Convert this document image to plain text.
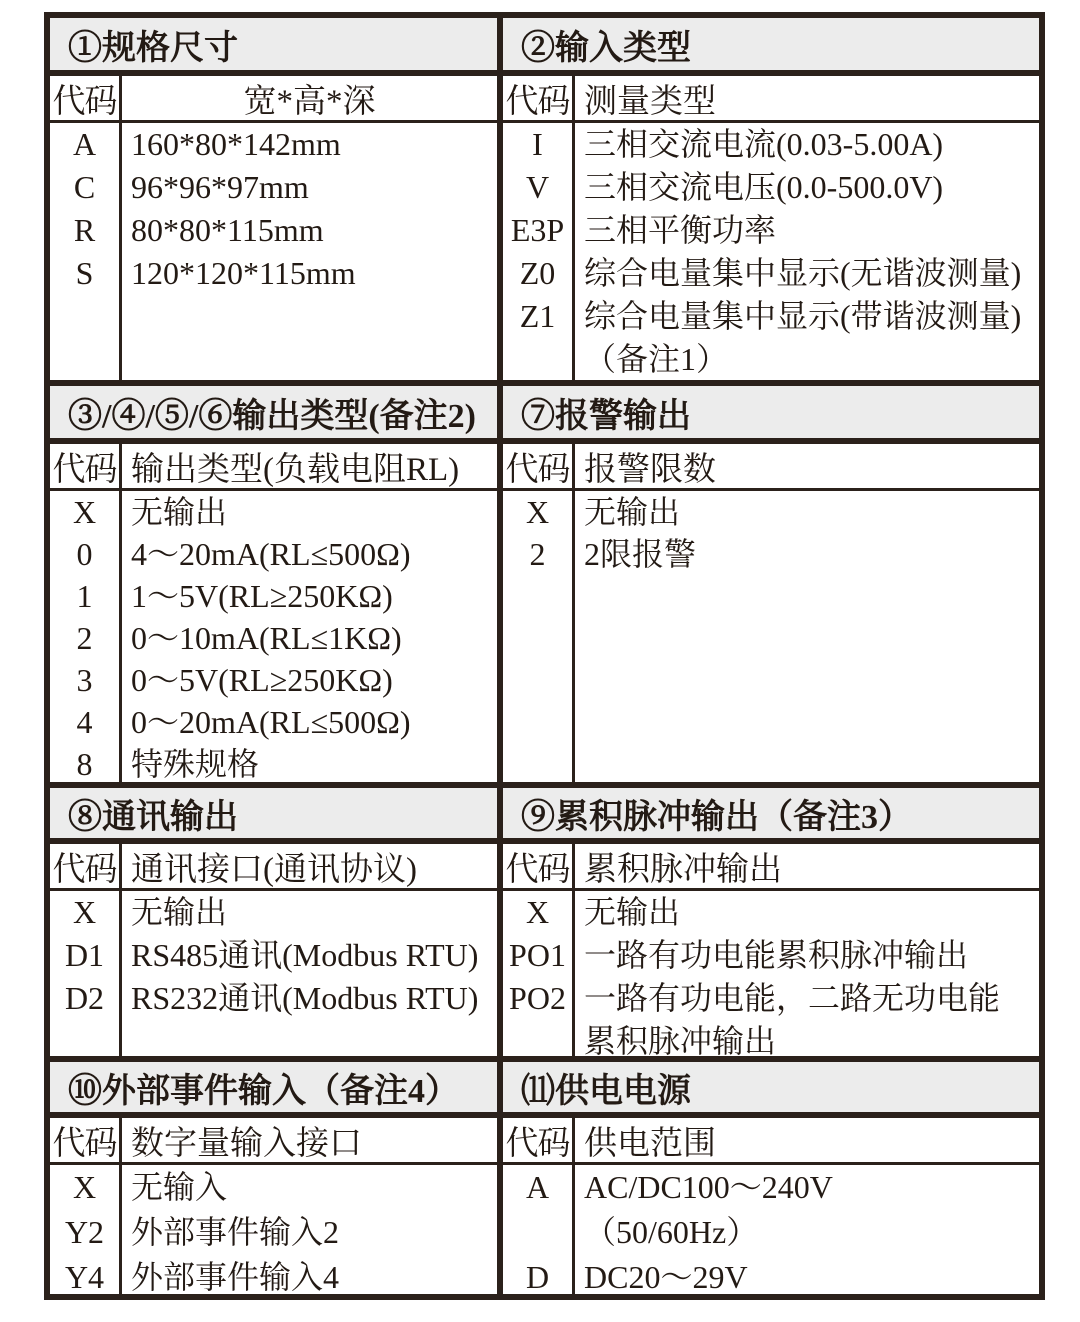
①规格尺寸
代码	宽*高*深
A
C
R
S
160*80*142mm
96*96*97mm
80*80*115mm
120*120*115mm
②输入类型
代码 测量类型
I
V
E3P
Z0
Z1
三相交流电流(0.03-5.00A)
三相交流电压(0.0-500.0V)
三相平衡功率
综合电量集中显示(无谐波测量)
综合电量集中显示(带谐波测量)
（备注1）
③/④/⑤/⑥输出类型(备注2)
代码 输出类型(负载电阻RL)
X
0
1
2
3
4
8
无输出
4～20mA(RL≤500Ω)
1～5V(RL≥250KΩ)
0～10mA(RL≤1KΩ)
0～5V(RL≥250KΩ)
0～20mA(RL≤500Ω)
特殊规格
⑦报警输出
代码 报警限数
X
2
无输出
2限报警
⑧通讯输出
代码 通讯接口(通讯协议)
X
D1
D2
无输出
RS485通讯(Modbus RTU)
RS232通讯(Modbus RTU)
⑨累积脉冲输出（备注3）
代码 累积脉冲输出
X
PO1
PO2
无输出
一路有功电能累积脉冲输出
一路有功电能，二路无功电能
累积脉冲输出
⑩外部事件输入（备注4）
代码 数字量输入接口
X
Y2
Y4
无输入
外部事件输入2
外部事件输入4
⑾供电电源
代码 供电范围
A
D
AC/DC100～240V
（50/60Hz）
DC20～29V
